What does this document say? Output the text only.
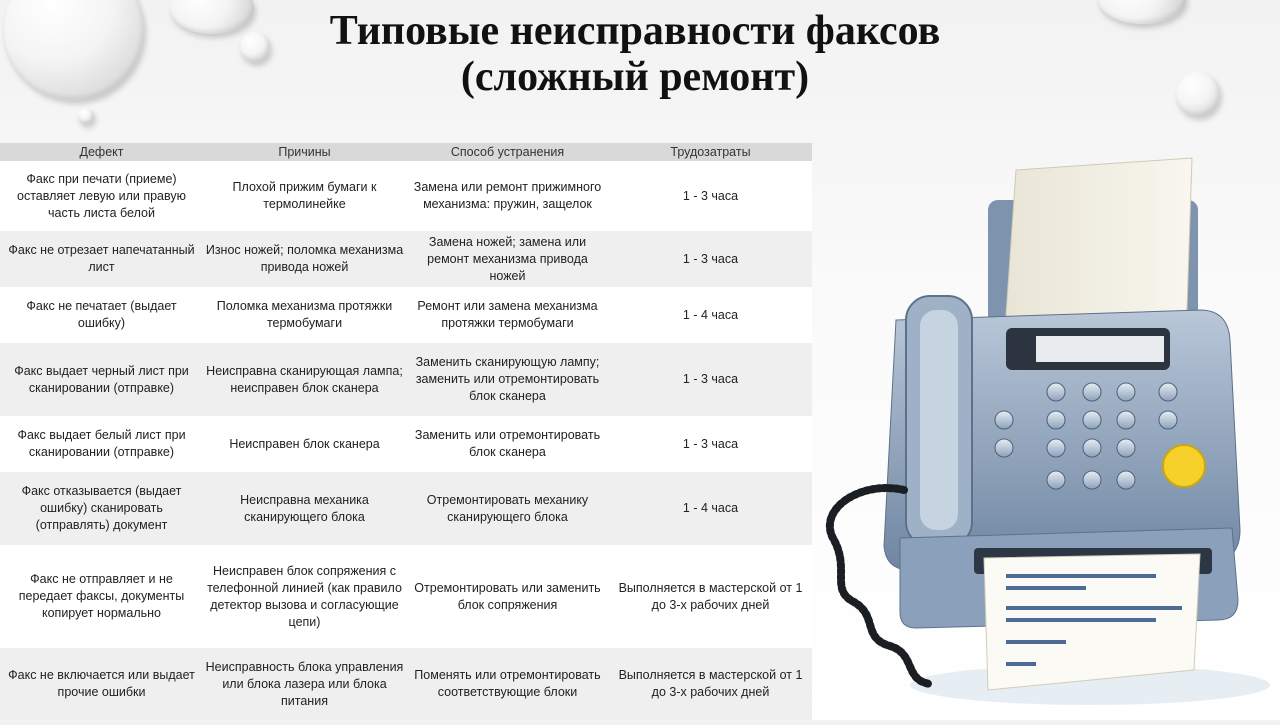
Типовые неисправности факсов
(сложный ремонт)
Дефект	Причины	Способ устранения	Трудозатраты
Факс при печати (приеме) оставляет левую или правую часть листа белой	Плохой прижим бумаги к термолинейке	Замена или ремонт прижимного механизма: пружин, защелок	1 - 3 часа
Факс не отрезает напечатанный лист	Износ ножей; поломка механизма привода ножей	Замена ножей; замена или ремонт механизма привода ножей	1 - 3 часа
Факс не печатает (выдает ошибку)	Поломка механизма протяжки термобумаги	Ремонт или замена механизма протяжки термобумаги	1 - 4 часа
Факс выдает черный лист при сканировании (отправке)	Неисправна сканирующая лампа; неисправен блок сканера	Заменить сканирующую лампу; заменить или отремонтировать блок сканера	1 - 3 часа
Факс выдает белый лист при сканировании (отправке)	Неисправен блок сканера	Заменить или отремонтировать блок сканера	1 - 3 часа
Факс отказывается (выдает ошибку) сканировать (отправлять) документ	Неисправна механика сканирующего блока	Отремонтировать механику сканирующего блока	1 - 4 часа
Факс не отправляет и не передает факсы, документы копирует нормально	Неисправен блок сопряжения с телефонной линией (как правило детектор вызова и согласующие цепи)	Отремонтировать или заменить блок сопряжения	Выполняется в мастерской от 1 до 3-х рабочих дней
Факс не включается или выдает прочие ошибки	Неисправность блока управления или блока лазера или блока питания	Поменять или отремонтировать соответствующие блоки	Выполняется в мастерской от 1 до 3-х рабочих дней
